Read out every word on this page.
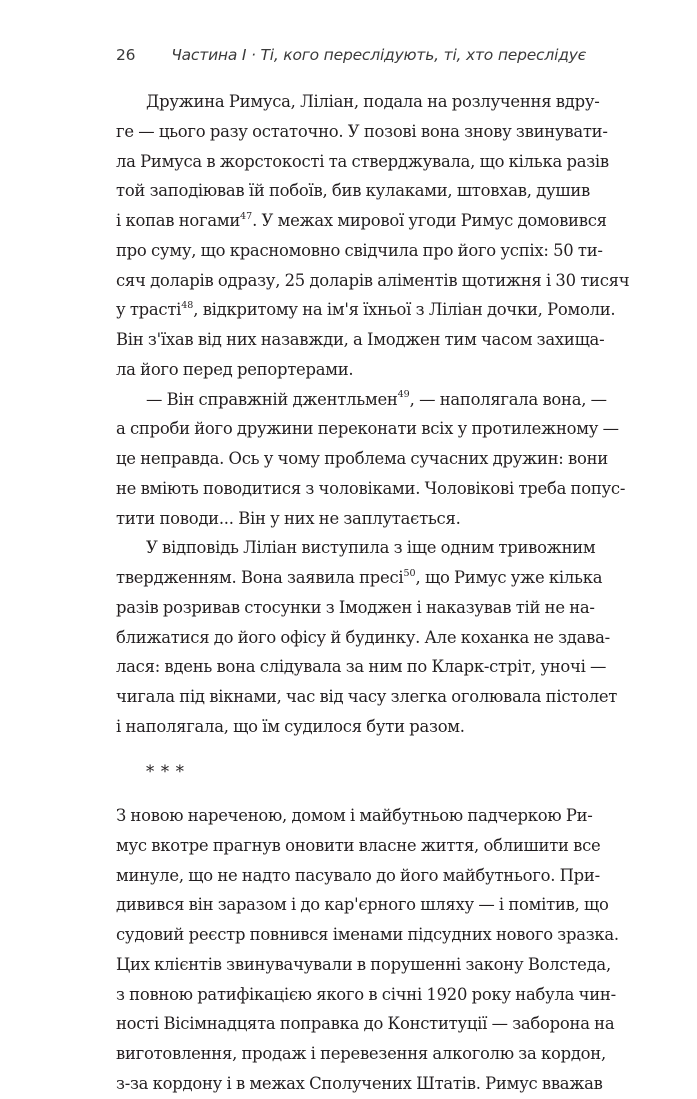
26 Частина I · Ті, кого переслідують, ті, хто переслідує
Дружина Римуса, Ліліан, подала на розлучення вдру-
ге — цього разу остаточно. У позові вона знову звинувати-
ла Римуса в жорстокості та стверджувала, що кілька разів
той заподіював їй побоїв, бив кулаками, штовхав, душив
і копав ногами$^{47}$. У межах мирової угоди Римус домовився
про суму, що красномовно свідчила про його успіх: 50 ти-
сяч доларів одразу, 25 доларів аліментів щотижня і 30 тисяч
у трасті$^{48}$, відкритому на ім'я їхньої з Ліліан дочки, Ромоли.
Він з'їхав від них назавжди, а Імоджен тим часом захища-
ла його перед репортерами.
— Він справжній джентльмен$^{49}$, — наполягала вона, —
а спроби його дружини переконати всіх у протилежному —
це неправда. Ось у чому проблема сучасних дружин: вони
не вміють поводитися з чоловіками. Чоловікові треба попус-
тити поводи... Він у них не заплутається.
У відповідь Ліліан виступила з іще одним тривожним
твердженням. Вона заявила пресі$^{50}$, що Римус уже кілька
разів розривав стосунки з Імоджен і наказував тій не на-
ближатися до його офісу й будинку. Але коханка не здава-
лася: вдень вона слідувала за ним по Кларк-стріт, уночі —
чигала під вікнами, час від часу злегка оголювала пістолет
і наполягала, що їм судилося бути разом.
* * *
З новою нареченою, домом і майбутньою падчеркою Ри-
мус вкотре прагнув оновити власне життя, облишити все
минуле, що не надто пасувало до його майбутнього. При-
дивився він заразом і до кар'єрного шляху — і помітив, що
судовий реєстр повнився іменами підсудних нового зразка.
Цих клієнтів звинувачували в порушенні закону Волстеда,
з повною ратифікацією якого в січні 1920 року набула чин-
ності Вісімнадцята поправка до Конституції — заборона на
виготовлення, продаж і перевезення алкоголю за кордон,
з-за кордону і в межах Сполучених Штатів. Римус вважав
